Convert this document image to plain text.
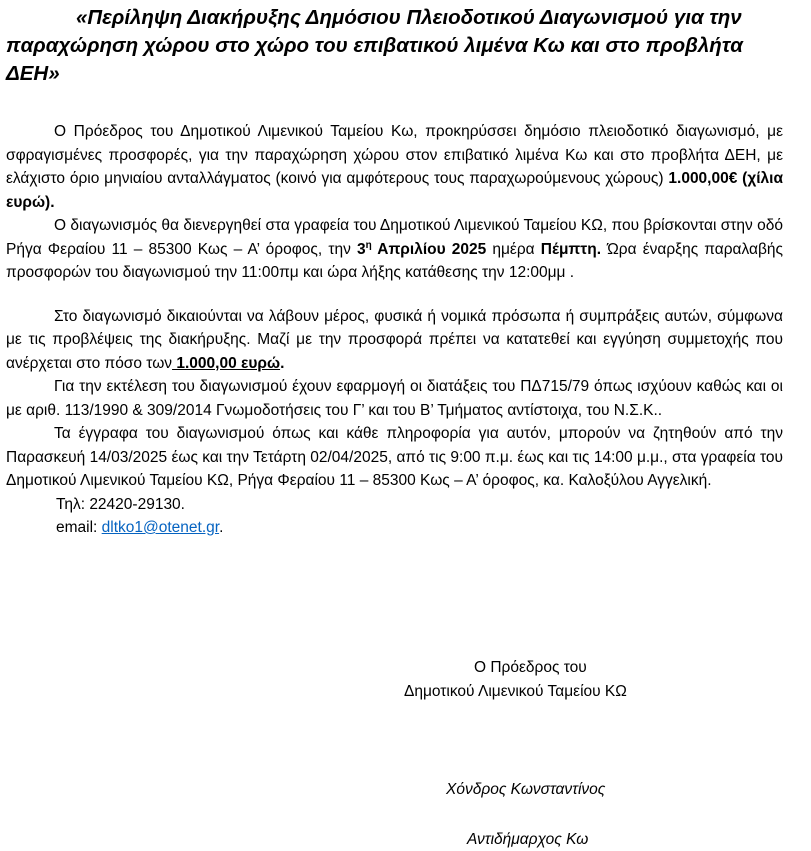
«Περίληψη Διακήρυξης Δημόσιου Πλειοδοτικού Διαγωνισμού για την
παραχώρηση χώρου στο χώρο του επιβατικού λιμένα Κω και στο προβλήτα
ΔΕΗ»

Ο Πρόεδρος του Δημοτικού Λιμενικού Ταμείου Κω, προκηρύσσει δημόσιο πλειοδοτικό διαγωνισμό, με σφραγισμένες προσφορές, για την παραχώρηση χώρου στον επιβατικό λιμένα Κω και στο προβλήτα ΔΕΗ, με ελάχιστο όριο μηνιαίου ανταλλάγματος (κοινό για αμφότερους τους παραχωρούμενους χώρους) 1.000,00€ (χίλια ευρώ).

Ο διαγωνισμός θα διενεργηθεί στα γραφεία του Δημοτικού Λιμενικού Ταμείου ΚΩ, που βρίσκονται στην οδό Ρήγα Φεραίου 11 – 85300 Κως – Α’ όροφος, την $3^\eta$ Απριλίου 2025 ημέρα Πέμπτη. Ώρα έναρξης παραλαβής προσφορών του διαγωνισμού την 11:00πμ και ώρα λήξης κατάθεσης την 12:00μμ .

Στο διαγωνισμό δικαιούνται να λάβουν μέρος, φυσικά ή νομικά πρόσωπα ή συμπράξεις αυτών, σύμφωνα με τις προβλέψεις της διακήρυξης. Μαζί με την προσφορά πρέπει να κατατεθεί και εγγύηση συμμετοχής που ανέρχεται στο πόσο των 1.000,00 ευρώ.

Για την εκτέλεση του διαγωνισμού έχουν εφαρμογή οι διατάξεις του ΠΔ715/79 όπως ισχύουν καθώς και οι με αριθ. 113/1990 & 309/2014 Γνωμοδοτήσεις του Γ’ και του Β’ Τμήματος αντίστοιχα, του Ν.Σ.Κ..

Τα έγγραφα του διαγωνισμού όπως και κάθε πληροφορία για αυτόν, μπορούν να ζητηθούν από την Παρασκευή 14/03/2025 έως και την Τετάρτη 02/04/2025, από τις 9:00 π.μ. έως και τις 14:00 μ.μ., στα γραφεία του Δημοτικού Λιμενικού Ταμείου ΚΩ, Ρήγα Φεραίου 11 – 85300 Κως – Α’ όροφος, κα. Καλοξύλου Αγγελική.

Τηλ: 22420-29130.

email: dltko1@otenet.gr.

Ο Πρόεδρος του
Δημοτικού Λιμενικού Ταμείου ΚΩ
Χόνδρος Κωνσταντίνος
Αντιδήμαρχος Κω
